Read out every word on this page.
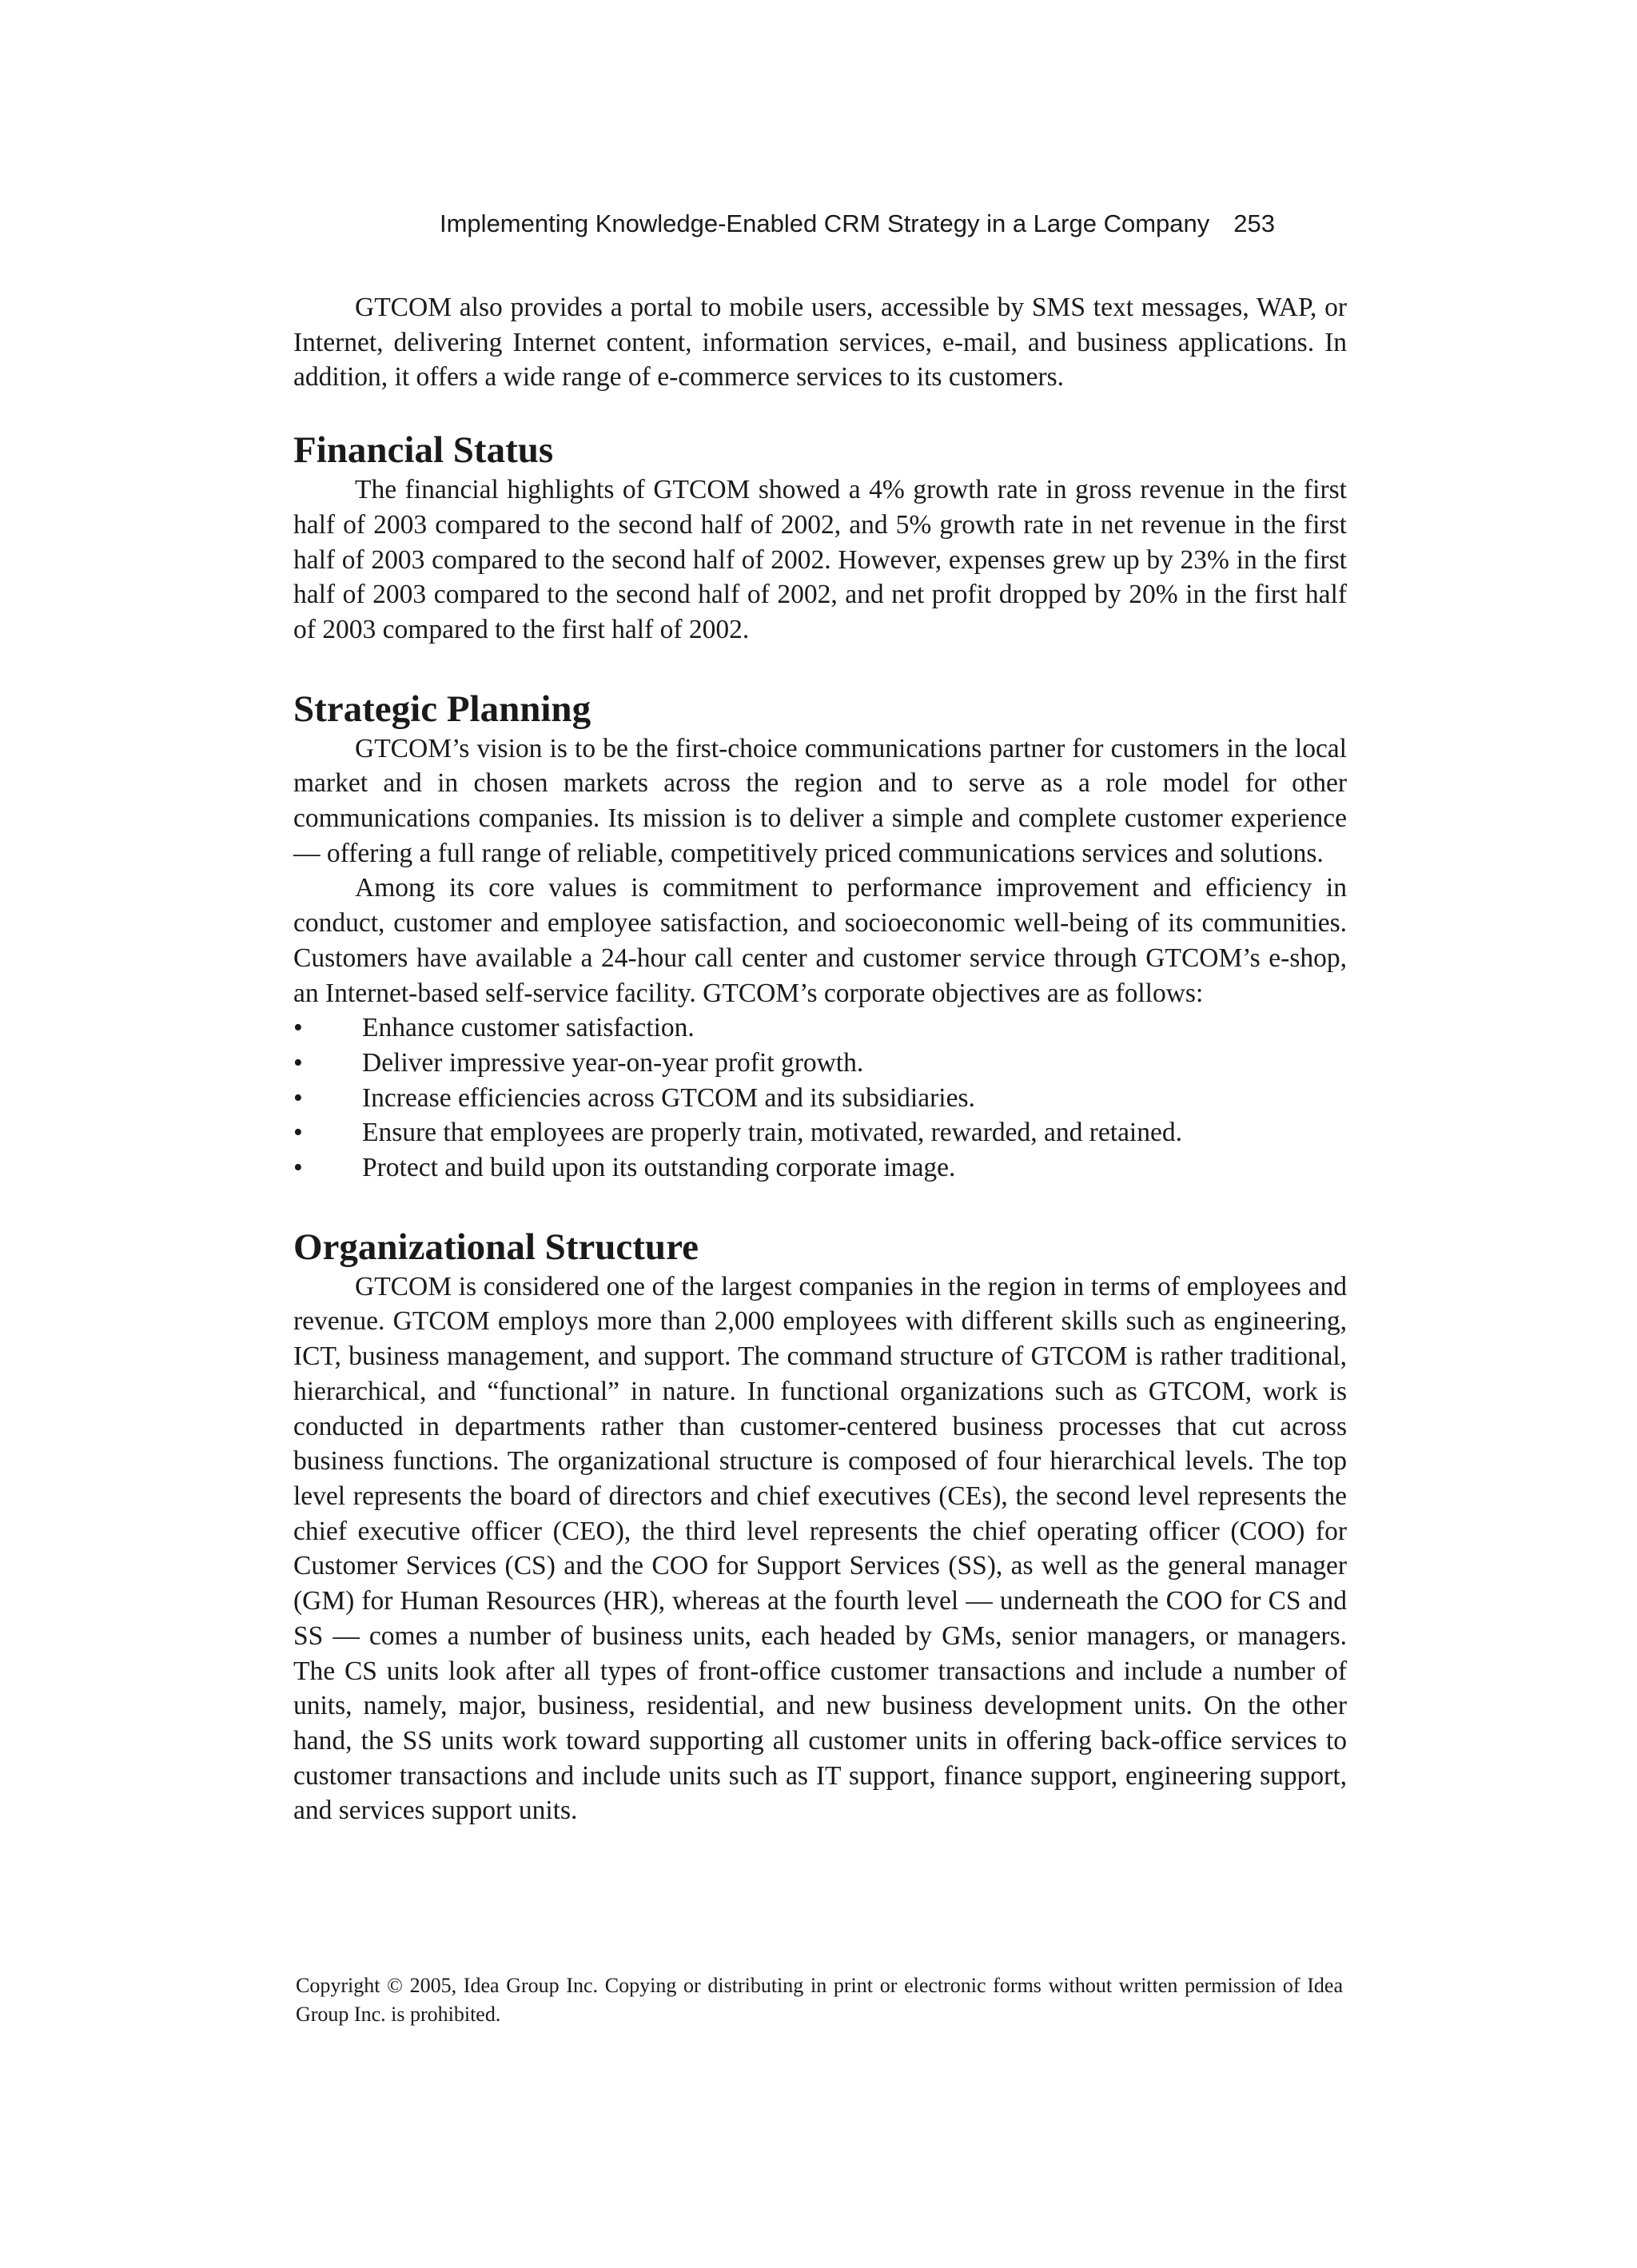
Implementing Knowledge-Enabled CRM Strategy in a Large Company 253

GTCOM also provides a portal to mobile users, accessible by SMS text messages, WAP, or Internet, delivering Internet content, information services, e-mail, and business applications. In addition, it offers a wide range of e-commerce services to its customers.

Financial Status

The financial highlights of GTCOM showed a 4% growth rate in gross revenue in the first half of 2003 compared to the second half of 2002, and 5% growth rate in net revenue in the first half of 2003 compared to the second half of 2002. However, expenses grew up by 23% in the first half of 2003 compared to the second half of 2002, and net profit dropped by 20% in the first half of 2003 compared to the first half of 2002.

Strategic Planning

GTCOM’s vision is to be the first-choice communications partner for customers in the local market and in chosen markets across the region and to serve as a role model for other communications companies. Its mission is to deliver a simple and complete customer experience — offering a full range of reliable, competitively priced communications services and solutions.

Among its core values is commitment to performance improvement and efficiency in conduct, customer and employee satisfaction, and socioeconomic well-being of its communities. Customers have available a 24-hour call center and customer service through GTCOM’s e-shop, an Internet-based self-service facility. GTCOM’s corporate objectives are as follows:

• Enhance customer satisfaction.
• Deliver impressive year-on-year profit growth.
• Increase efficiencies across GTCOM and its subsidiaries.
• Ensure that employees are properly train, motivated, rewarded, and retained.
• Protect and build upon its outstanding corporate image.
Organizational Structure

GTCOM is considered one of the largest companies in the region in terms of employees and revenue. GTCOM employs more than 2,000 employees with different skills such as engineering, ICT, business management, and support. The command structure of GTCOM is rather traditional, hierarchical, and “functional” in nature. In functional organizations such as GTCOM, work is conducted in departments rather than customer-centered business processes that cut across business functions. The organizational structure is composed of four hierarchical levels. The top level represents the board of directors and chief executives (CEs), the second level represents the chief executive officer (CEO), the third level represents the chief operating officer (COO) for Customer Services (CS) and the COO for Support Services (SS), as well as the general manager (GM) for Human Resources (HR), whereas at the fourth level — underneath the COO for CS and SS — comes a number of business units, each headed by GMs, senior managers, or managers. The CS units look after all types of front-office customer transactions and include a number of units, namely, major, business, residential, and new business development units. On the other hand, the SS units work toward supporting all customer units in offering back-office services to customer transactions and include units such as IT support, finance support, engineering support, and services support units.

Copyright © 2005, Idea Group Inc. Copying or distributing in print or electronic forms without written permission of Idea Group Inc. is prohibited.
